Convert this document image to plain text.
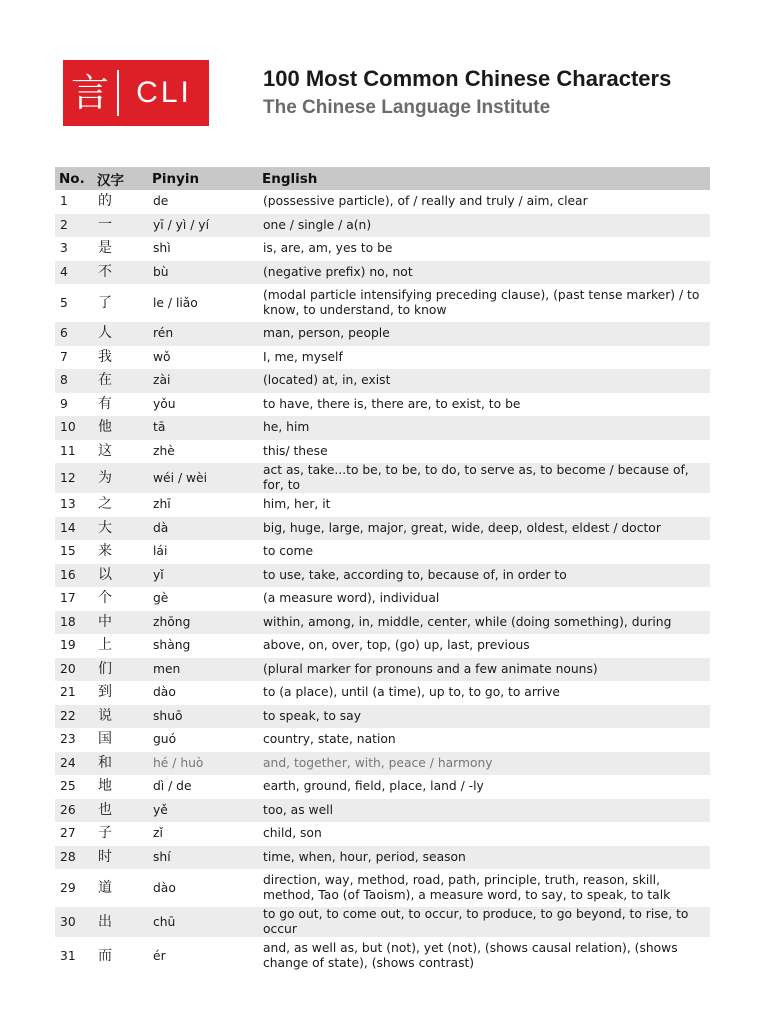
言 CLI	100 Most Common Chinese Characters
The Chinese Language Institute
No.	汉字	Pinyin	English
1	的	de	(possessive particle), of / really and truly / aim, clear
2	一	yī / yì / yí	one / single / a(n)
3	是	shì	is, are, am, yes to be
4	不	bù	(negative prefix) no, not
5	了	le / liǎo	(modal particle intensifying preceding clause), (past tense marker) / to know, to understand, to know
6	人	rén	man, person, people
7	我	wǒ	I, me, myself
8	在	zài	(located) at, in, exist
9	有	yǒu	to have, there is, there are, to exist, to be
10	他	tā	he, him
11	这	zhè	this/ these
12	为	wéi / wèi	act as, take...to be, to be, to do, to serve as, to become / because of, for, to
13	之	zhī	him, her, it
14	大	dà	big, huge, large, major, great, wide, deep, oldest, eldest / doctor
15	来	lái	to come
16	以	yǐ	to use, take, according to, because of, in order to
17	个	gè	(a measure word), individual
18	中	zhōng	within, among, in, middle, center, while (doing something), during
19	上	shàng	above, on, over, top, (go) up, last, previous
20	们	men	(plural marker for pronouns and a few animate nouns)
21	到	dào	to (a place), until (a time), up to, to go, to arrive
22	说	shuō	to speak, to say
23	国	guó	country, state, nation
24	和	hé / huò	and, together, with, peace / harmony
25	地	dì / de	earth, ground, field, place, land / -ly
26	也	yě	too, as well
27	子	zǐ	child, son
28	时	shí	time, when, hour, period, season
29	道	dào	direction, way, method, road, path, principle, truth, reason, skill, method, Tao (of Taoism), a measure word, to say, to speak, to talk
30	出	chū	to go out, to come out, to occur, to produce, to go beyond, to rise, to occur
31	而	ér	and, as well as, but (not), yet (not), (shows causal relation), (shows change of state), (shows contrast)
